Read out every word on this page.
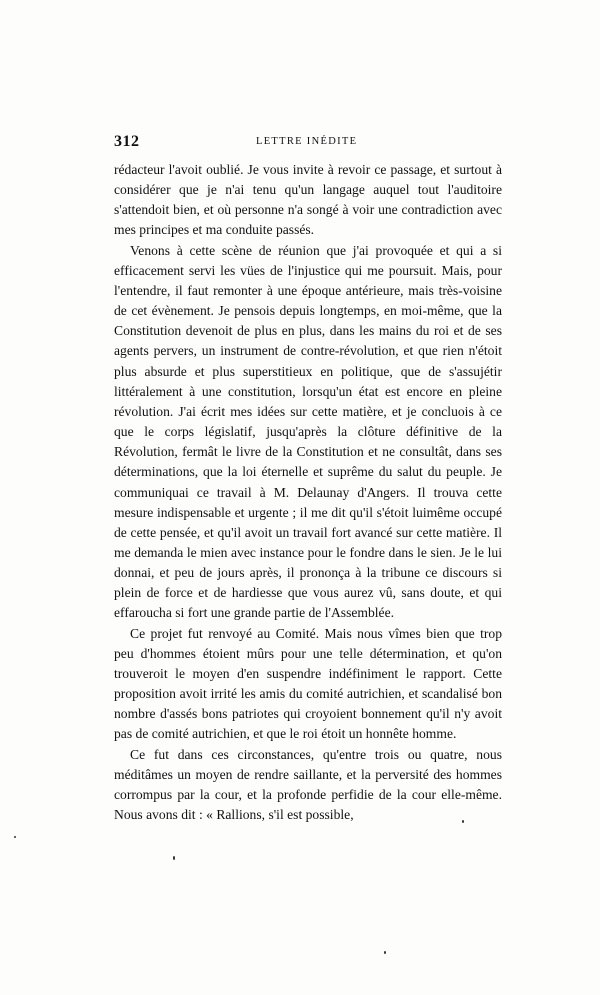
312	LETTRE INÉDITE

rédacteur l'avoit oublié. Je vous invite à revoir ce passage, et surtout à considérer que je n'ai tenu qu'un langage auquel tout l'auditoire s'attendoit bien, et où personne n'a songé à voir une contradiction avec mes principes et ma conduite passés.

Venons à cette scène de réunion que j'ai provoquée et qui a si efficacement servi les vües de l'injustice qui me poursuit. Mais, pour l'entendre, il faut remonter à une époque antérieure, mais très-voisine de cet évènement. Je pensois depuis longtemps, en moi-même, que la Constitution devenoit de plus en plus, dans les mains du roi et de ses agents pervers, un instrument de contre-révolution, et que rien n'étoit plus absurde et plus superstitieux en politique, que de s'assujétir littéralement à une constitution, lorsqu'un état est encore en pleine révolution. J'ai écrit mes idées sur cette matière, et je concluois à ce que le corps législatif, jusqu'après la clôture définitive de la Révolution, fermât le livre de la Constitution et ne consultât, dans ses déterminations, que la loi éternelle et suprême du salut du peuple. Je communiquai ce travail à M. Delaunay d'Angers. Il trouva cette mesure indispensable et urgente ; il me dit qu'il s'étoit luimême occupé de cette pensée, et qu'il avoit un travail fort avancé sur cette matière. Il me demanda le mien avec instance pour le fondre dans le sien. Je le lui donnai, et peu de jours après, il prononça à la tribune ce discours si plein de force et de hardiesse que vous aurez vû, sans doute, et qui effaroucha si fort une grande partie de l'Assemblée.

Ce projet fut renvoyé au Comité. Mais nous vîmes bien que trop peu d'hommes étoient mûrs pour une telle détermination, et qu'on trouveroit le moyen d'en suspendre indéfiniment le rapport. Cette proposition avoit irrité les amis du comité autrichien, et scandalisé bon nombre d'assés bons patriotes qui croyoient bonnement qu'il n'y avoit pas de comité autrichien, et que le roi étoit un honnête homme.

Ce fut dans ces circonstances, qu'entre trois ou quatre, nous méditâmes un moyen de rendre saillante, et la perversité des hommes corrompus par la cour, et la profonde perfidie de la cour elle-même. Nous avons dit : « Rallions, s'il est possible,
